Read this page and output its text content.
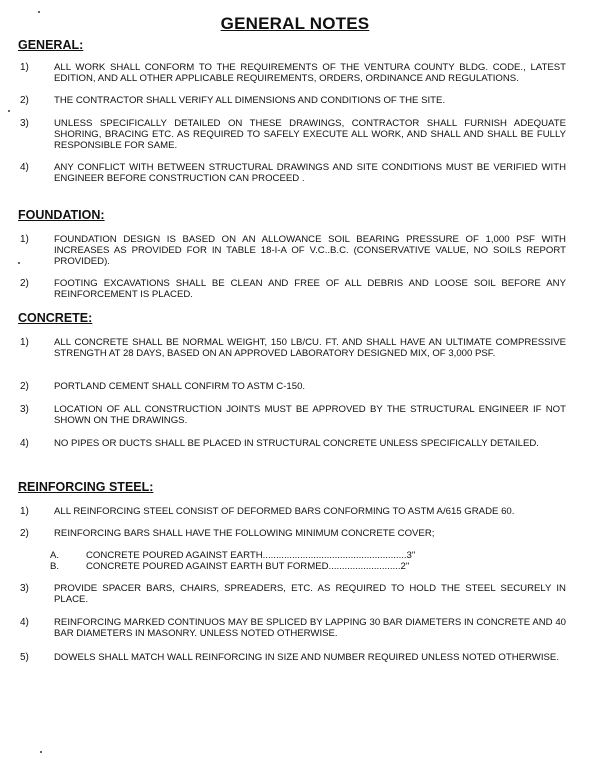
GENERAL NOTES
GENERAL:
1)	ALL WORK SHALL CONFORM TO THE REQUIREMENTS OF THE VENTURA COUNTY BLDG. CODE., LATEST EDITION, AND ALL OTHER APPLICABLE REQUIREMENTS, ORDERS, ORDINANCE AND REGULATIONS.
2)	THE CONTRACTOR SHALL VERIFY ALL DIMENSIONS AND CONDITIONS OF THE SITE.
3)	UNLESS SPECIFICALLY DETAILED ON THESE DRAWINGS, CONTRACTOR SHALL FURNISH ADEQUATE SHORING, BRACING ETC. AS REQUIRED TO SAFELY EXECUTE ALL WORK, AND SHALL AND SHALL BE FULLY RESPONSIBLE FOR SAME.
4)	ANY CONFLICT WITH BETWEEN STRUCTURAL DRAWINGS AND SITE CONDITIONS MUST BE VERIFIED WITH ENGINEER BEFORE CONSTRUCTION CAN PROCEED .
FOUNDATION:
1)	FOUNDATION DESIGN IS BASED ON AN ALLOWANCE SOIL BEARING PRESSURE OF 1,000 PSF WITH INCREASES AS PROVIDED FOR IN TABLE 18-I-A OF V.C..B.C. (CONSERVATIVE VALUE, NO SOILS REPORT PROVIDED).
2)	FOOTING EXCAVATIONS SHALL BE CLEAN AND FREE OF ALL DEBRIS AND LOOSE SOIL BEFORE ANY REINFORCEMENT IS PLACED.
CONCRETE:
1)	ALL CONCRETE SHALL BE NORMAL WEIGHT, 150 LB/CU. FT. AND SHALL HAVE AN ULTIMATE COMPRESSIVE STRENGTH AT 28 DAYS, BASED ON AN APPROVED LABORATORY DESIGNED MIX, OF 3,000 PSF.
2)	PORTLAND CEMENT SHALL CONFIRM TO ASTM C-150.
3)	LOCATION OF ALL CONSTRUCTION JOINTS MUST BE APPROVED BY THE STRUCTURAL ENGINEER IF NOT SHOWN ON THE DRAWINGS.
4)	NO PIPES OR DUCTS SHALL BE PLACED IN STRUCTURAL CONCRETE UNLESS SPECIFICALLY DETAILED.
REINFORCING STEEL:
1)	ALL REINFORCING STEEL CONSIST OF DEFORMED BARS CONFORMING TO ASTM A/615 GRADE 60.
2)	REINFORCING BARS SHALL HAVE THE FOLLOWING MINIMUM CONCRETE COVER;
A.	CONCRETE POURED AGAINST EARTH......................................................3"
B.	CONCRETE POURED AGAINST EARTH BUT FORMED...........................2"
3)	PROVIDE SPACER BARS, CHAIRS, SPREADERS, ETC. AS REQUIRED TO HOLD THE STEEL SECURELY IN PLACE.
4)	REINFORCING MARKED CONTINUOS MAY BE SPLICED BY LAPPING 30 BAR DIAMETERS IN CONCRETE AND 40 BAR DIAMETERS IN MASONRY. UNLESS NOTED OTHERWISE.
5)	DOWELS SHALL MATCH WALL REINFORCING IN SIZE AND NUMBER REQUIRED UNLESS NOTED OTHERWISE.
